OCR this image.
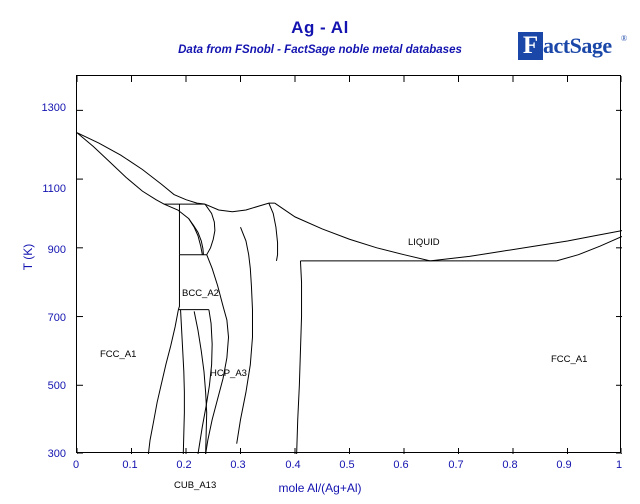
Ag - Al
Data from FSnobl - FactSage noble metal databases	F actSage ®
1300
1100
900
700
500
300
0	0.1	0.2	0.3	0.4	0.5	0.6	0.7	0.8	0.9	1
mole Al/(Ag+Al)
T (K)
LIQUID
FCC_A1
BCC_A2
HCP_A3
CUB_A13
FCC_A1
